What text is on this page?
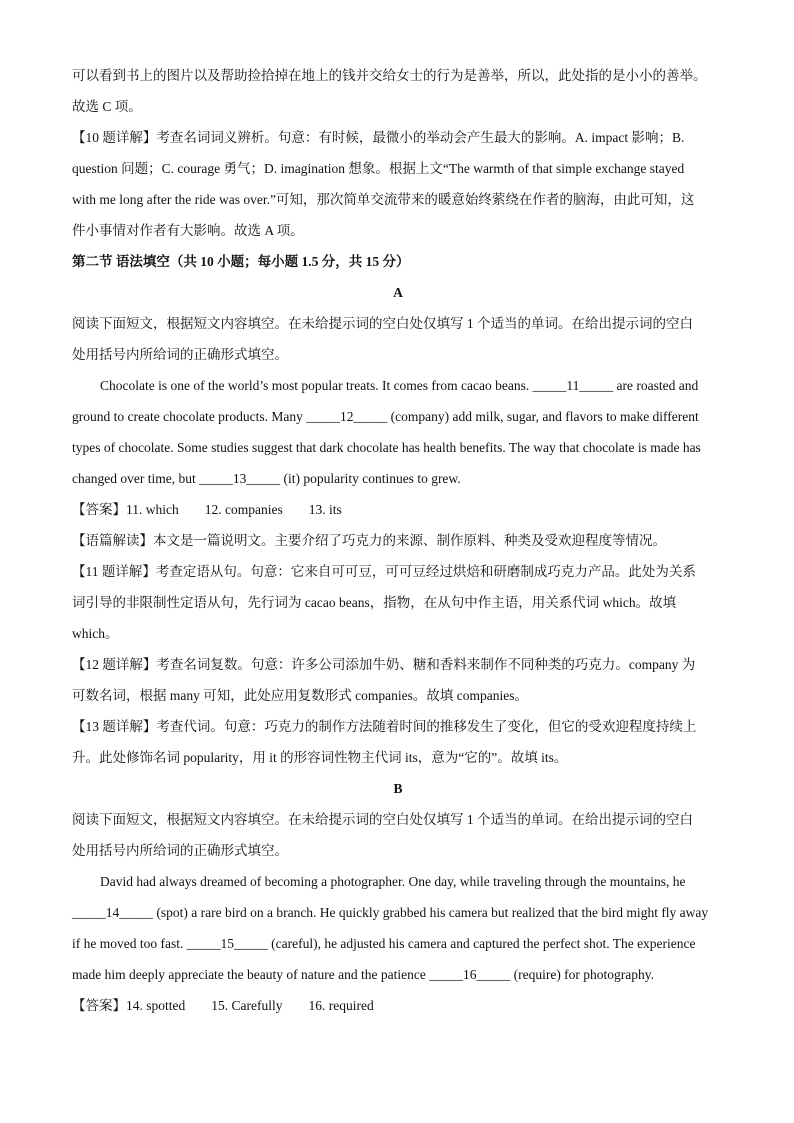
可以看到书上的图片以及帮助捡拾掉在地上的钱并交给女士的行为是善举，所以，此处指的是小小的善举。
故选 C 项。
【10 题详解】考查名词词义辨析。句意：有时候，最微小的举动会产生最大的影响。A. impact 影响；B.
question 问题；C. courage 勇气；D. imagination 想象。根据上文“The warmth of that simple exchange stayed
with me long after the ride was over.”可知，那次简单交流带来的暖意始终萦绕在作者的脑海，由此可知，这
件小事情对作者有大影响。故选 A 项。
第二节 语法填空（共 10 小题；每小题 1.5 分，共 15 分）
A
阅读下面短文，根据短文内容填空。在未给提示词的空白处仅填写 1 个适当的单词。在给出提示词的空白
处用括号内所给词的正确形式填空。
Chocolate is one of the world’s most popular treats. It comes from cacao beans. _____11_____ are roasted and
ground to create chocolate products. Many _____12_____ (company) add milk, sugar, and flavors to make different
types of chocolate. Some studies suggest that dark chocolate has health benefits. The way that chocolate is made has
changed over time, but _____13_____ (it) popularity continues to grew.
【答案】11. which 12. companies 13. its
【语篇解读】本文是一篇说明文。主要介绍了巧克力的来源、制作原料、种类及受欢迎程度等情况。
【11 题详解】考查定语从句。句意：它来自可可豆，可可豆经过烘焙和研磨制成巧克力产品。此处为关系
词引导的非限制性定语从句，先行词为 cacao beans，指物，在从句中作主语，用关系代词 which。故填
which。
【12 题详解】考查名词复数。句意：许多公司添加牛奶、糖和香料来制作不同种类的巧克力。company 为
可数名词，根据 many 可知，此处应用复数形式 companies。故填 companies。
【13 题详解】考查代词。句意：巧克力的制作方法随着时间的推移发生了变化，但它的受欢迎程度持续上
升。此处修饰名词 popularity，用 it 的形容词性物主代词 its，意为“它的”。故填 its。
B
阅读下面短文，根据短文内容填空。在未给提示词的空白处仅填写 1 个适当的单词。在给出提示词的空白
处用括号内所给词的正确形式填空。
David had always dreamed of becoming a photographer. One day, while traveling through the mountains, he
_____14_____ (spot) a rare bird on a branch. He quickly grabbed his camera but realized that the bird might fly away
if he moved too fast. _____15_____ (careful), he adjusted his camera and captured the perfect shot. The experience
made him deeply appreciate the beauty of nature and the patience _____16_____ (require) for photography.
【答案】14. spotted 15. Carefully 16. required
